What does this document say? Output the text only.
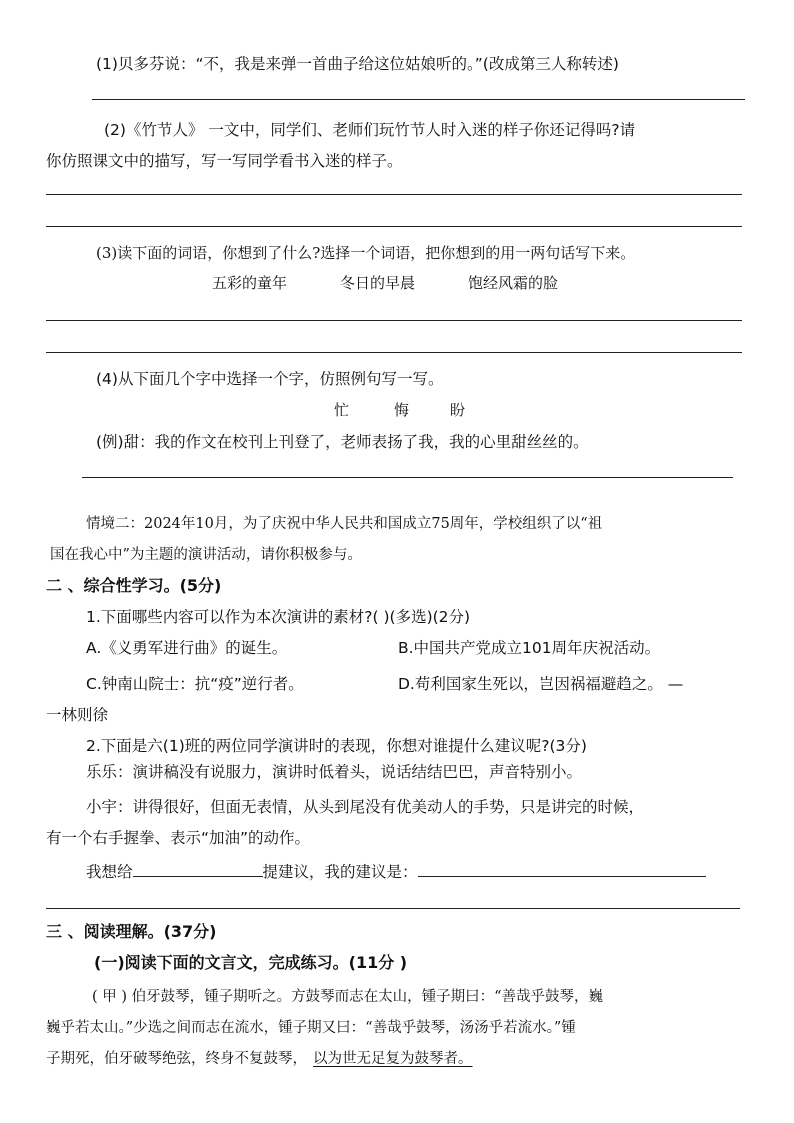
(1)贝多芬说：“不，我是来弹一首曲子给这位姑娘听的。”(改成第三人称转述)
(2)《竹节人》 一文中，同学们、老师们玩竹节人时入迷的样子你还记得吗?请
你仿照课文中的描写，写一写同学看书入迷的样子。
(3)读下面的词语，你想到了什么?选择一个词语，把你想到的用一两句话写下来。
五彩的童年	冬日的早晨	饱经风霜的脸
(4)从下面几个字中选择一个字，仿照例句写一写。
忙	悔	盼
(例)甜：我的作文在校刊上刊登了，老师表扬了我，我的心里甜丝丝的。
情境二：2024年10月，为了庆祝中华人民共和国成立75周年，学校组织了以“祖
国在我心中”为主题的演讲活动，请你积极参与。
二 、综合性学习。(5分)
1.下面哪些内容可以作为本次演讲的素材?( )(多选)(2分)
A.《义勇军进行曲》的诞生。	B.中国共产党成立101周年庆祝活动。
C.钟南山院士：抗“疫”逆行者。	D.苟利国家生死以，岂因祸福避趋之。 —
一林则徐
2.下面是六(1)班的两位同学演讲时的表现，你想对谁提什么建议呢?(3分)
乐乐：演讲稿没有说服力，演讲时低着头，说话结结巴巴，声音特别小。
小宇：讲得很好，但面无表情，从头到尾没有优美动人的手势，只是讲完的时候，
有一个右手握拳、表示“加油”的动作。
我想给	提建议，我的建议是：
三 、阅读理解。(37分)
(一)阅读下面的文言文，完成练习。(11分 )
( 甲 ) 伯牙鼓琴，锺子期听之。方鼓琴而志在太山，锺子期曰：“善哉乎鼓琴，巍
巍乎若太山。”少选之间而志在流水，锺子期又曰：“善哉乎鼓琴，汤汤乎若流水。”锺
子期死，伯牙破琴绝弦，终身不复鼓琴， 以为世无足复为鼓琴者。
